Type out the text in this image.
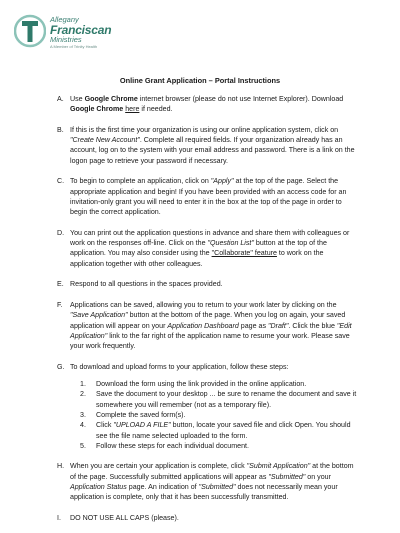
Allegany
Franciscan
Ministries
A Member of Trinity Health
Online Grant Application – Portal Instructions
A. Use Google Chrome internet browser (please do not use Internet Explorer). Download Google Chrome here if needed.
B. If this is the first time your organization is using our online application system, click on "Create New Account". Complete all required fields. If your organization already has an account, log on to the system with your email address and password. There is a link on the logon page to retrieve your password if necessary.
C. To begin to complete an application, click on "Apply" at the top of the page. Select the appropriate application and begin! If you have been provided with an access code for an invitation-only grant you will need to enter it in the box at the top of the page in order to begin the correct application.
D. You can print out the application questions in advance and share them with colleagues or work on the responses off-line. Click on the "Question List" button at the top of the application. You may also consider using the "Collaborate" feature to work on the application together with other colleagues.
E. Respond to all questions in the spaces provided.
F. Applications can be saved, allowing you to return to your work later by clicking on the "Save Application" button at the bottom of the page. When you log on again, your saved application will appear on your Application Dashboard page as "Draft". Click the blue "Edit Application" link to the far right of the application name to resume your work. Please save your work frequently.
G. To download and upload forms to your application, follow these steps:
1. Download the form using the link provided in the online application.
2. Save the document to your desktop ... be sure to rename the document and save it somewhere you will remember (not as a temporary file).
3. Complete the saved form(s).
4. Click "UPLOAD A FILE" button, locate your saved file and click Open. You should see the file name selected uploaded to the form.
5. Follow these steps for each individual document.
H. When you are certain your application is complete, click "Submit Application" at the bottom of the page. Successfully submitted applications will appear as "Submitted" on your Application Status page. An indication of "Submitted" does not necessarily mean your application is complete, only that it has been successfully transmitted.
I. DO NOT USE ALL CAPS (please).
